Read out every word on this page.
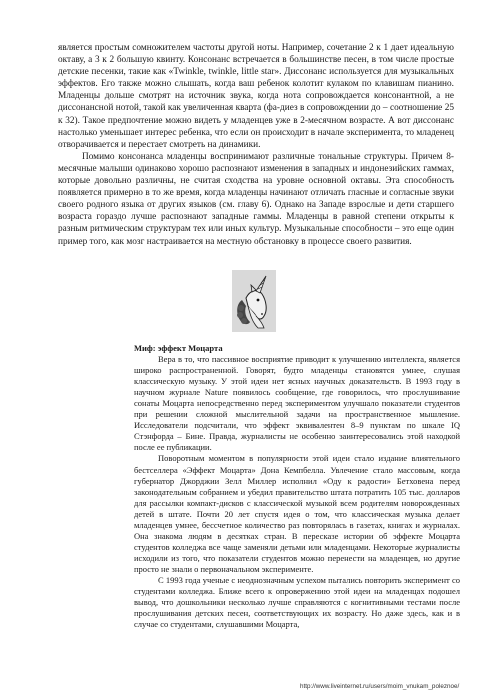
является простым сомножителем частоты другой ноты. Например, сочетание 2 к 1 дает идеальную октаву, а 3 к 2 большую квинту. Консонанс встречается в большинстве песен, в том числе простые детские песенки, такие как «Twinkle, twinkle, little star». Диссонанс используется для музыкальных эффектов. Его также можно слышать, когда ваш ребенок колотит кулаком по клавишам пианино. Младенцы дольше смотрят на источник звука, когда нота сопровождается консонантной, а не диссонансной нотой, такой как увеличенная кварта (фа-диез в сопровождении до – соотношение 25 к 32). Такое предпочтение можно видеть у младенцев уже в 2-месячном возрасте. А вот диссонанс настолько уменьшает интерес ребенка, что если он происходит в начале эксперимента, то младенец отворачивается и перестает смотреть на динамики.

Помимо консонанса младенцы воспринимают различные тональные структуры. Причем 8-месячные малыши одинаково хорошо распознают изменения в западных и индонезийских гаммах, которые довольно различны, не считая сходства на уровне основной октавы. Эта способность появляется примерно в то же время, когда младенцы начинают отличать гласные и согласные звуки своего родного языка от других языков (см. главу 6). Однако на Западе взрослые и дети старшего возраста гораздо лучше распознают западные гаммы. Младенцы в равной степени открыты к разным ритмическим структурам тех или иных культур. Музыкальные способности – это еще один пример того, как мозг настраивается на местную обстановку в процессе своего развития.

Миф: эффект Моцарта

Вера в то, что пассивное восприятие приводит к улучшению интеллекта, является широко распространенной. Говорят, будто младенцы становятся умнее, слушая классическую музыку. У этой идеи нет ясных научных доказательств. В 1993 году в научном журнале Nature появилось сообщение, где говорилось, что прослушивание сонаты Моцарта непосредственно перед экспериментом улучшало показатели студентов при решении сложной мыслительной задачи на пространственное мышление. Исследователи подсчитали, что эффект эквивалентен 8–9 пунктам по шкале IQ Стэнфорда – Бине. Правда, журналисты не особенно заинтересовались этой находкой после ее публикации.

Поворотным моментом в популярности этой идеи стало издание влиятельного бестселлера «Эффект Моцарта» Дона Кемпбелла. Увлечение стало массовым, когда губернатор Джорджии Зелл Миллер исполнил «Оду к радости» Бетховена перед законодательным собранием и убедил правительство штата потратить 105 тыс. долларов для рассылки компакт-дисков с классической музыкой всем родителям новорожденных детей в штате. Почти 20 лет спустя идея о том, что классическая музыка делает младенцев умнее, бессчетное количество раз повторялась в газетах, книгах и журналах. Она знакома людям в десятках стран. В пересказе истории об эффекте Моцарта студентов колледжа все чаще заменяли детьми или младенцами. Некоторые журналисты исходили из того, что показатели студентов можно перенести на младенцев, но другие просто не знали о первоначальном эксперименте.

С 1993 года ученые с неоднозначным успехом пытались повторить эксперимент со студентами колледжа. Ближе всего к опровержению этой идеи на младенцах подошел вывод, что дошкольники несколько лучше справляются с когнитивными тестами после прослушивания детских песен, соответствующих их возрасту. Но даже здесь, как и в случае со студентами, слушавшими Моцарта,

http://www.liveinternet.ru/users/moim_vnukam_poleznoe/
